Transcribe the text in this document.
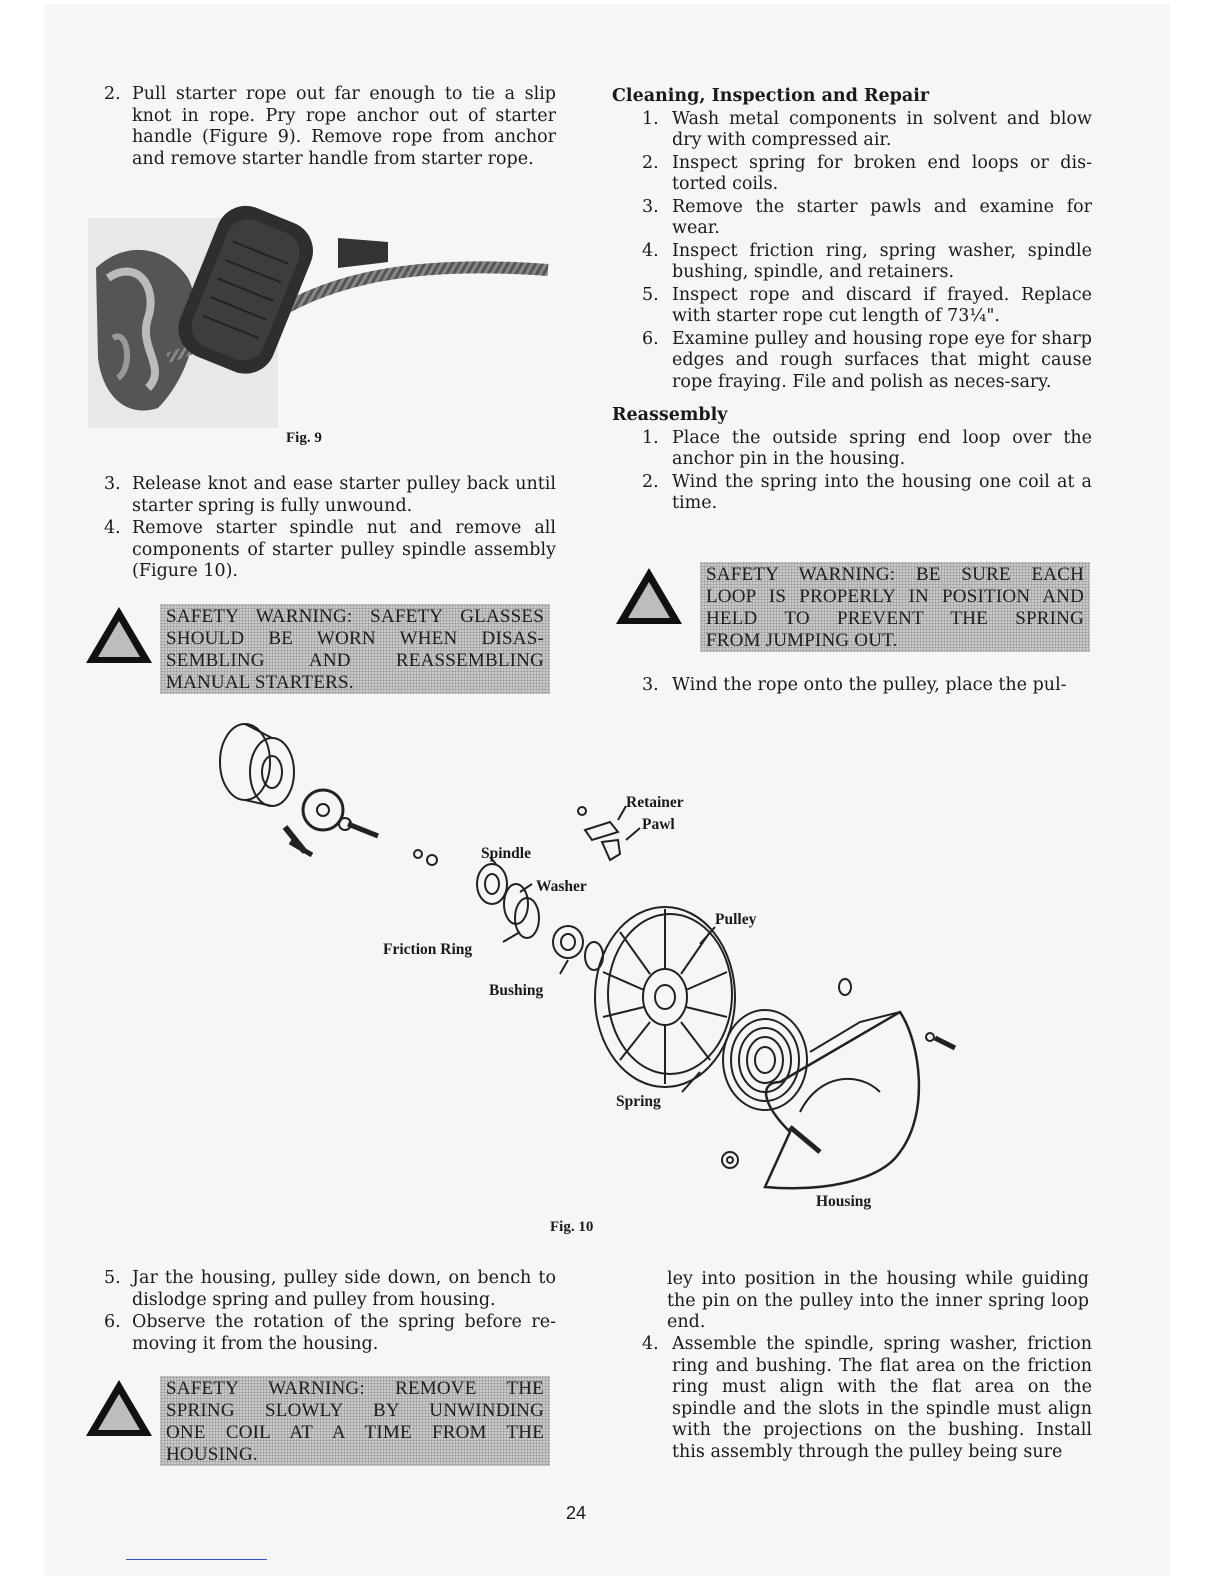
2. Pull starter rope out far enough to tie a slip knot in rope. Pry rope anchor out of starter handle (Figure 9). Remove rope from anchor and remove starter handle from starter rope.
Fig. 9
3. Release knot and ease starter pulley back until starter spring is fully unwound.
4. Remove starter spindle nut and remove all components of starter pulley spindle assembly (Figure 10).
SAFETY WARNING: SAFETY GLASSES
SHOULD BE WORN WHEN DISAS-
SEMBLING AND REASSEMBLING
MANUAL STARTERS.
Retainer
Pawl
Spindle
Washer
Pulley
Friction Ring
Bushing
Spring
Housing
Fig. 10
5. Jar the housing, pulley side down, on bench to dislodge spring and pulley from housing.
6. Observe the rotation of the spring before re-moving it from the housing.
SAFETY WARNING: REMOVE THE
SPRING SLOWLY BY UNWINDING
ONE COIL AT A TIME FROM THE
HOUSING.
Cleaning, Inspection and Repair
1. Wash metal components in solvent and blow dry with compressed air.
2. Inspect spring for broken end loops or dis-torted coils.
3. Remove the starter pawls and examine for wear.
4. Inspect friction ring, spring washer, spindle bushing, spindle, and retainers.
5. Inspect rope and discard if frayed. Replace with starter rope cut length of 73¼".
6. Examine pulley and housing rope eye for sharp edges and rough surfaces that might cause rope fraying. File and polish as neces-sary.
Reassembly
1. Place the outside spring end loop over the anchor pin in the housing.
2. Wind the spring into the housing one coil at a time.
SAFETY WARNING: BE SURE EACH
LOOP IS PROPERLY IN POSITION AND
HELD TO PREVENT THE SPRING
FROM JUMPING OUT.
3. Wind the rope onto the pulley, place the pul-
ley into position in the housing while guiding the pin on the pulley into the inner spring loop end.
4. Assemble the spindle, spring washer, friction ring and bushing. The flat area on the friction ring must align with the flat area on the spindle and the slots in the spindle must align with the projections on the bushing. Install this assembly through the pulley being sure
24
